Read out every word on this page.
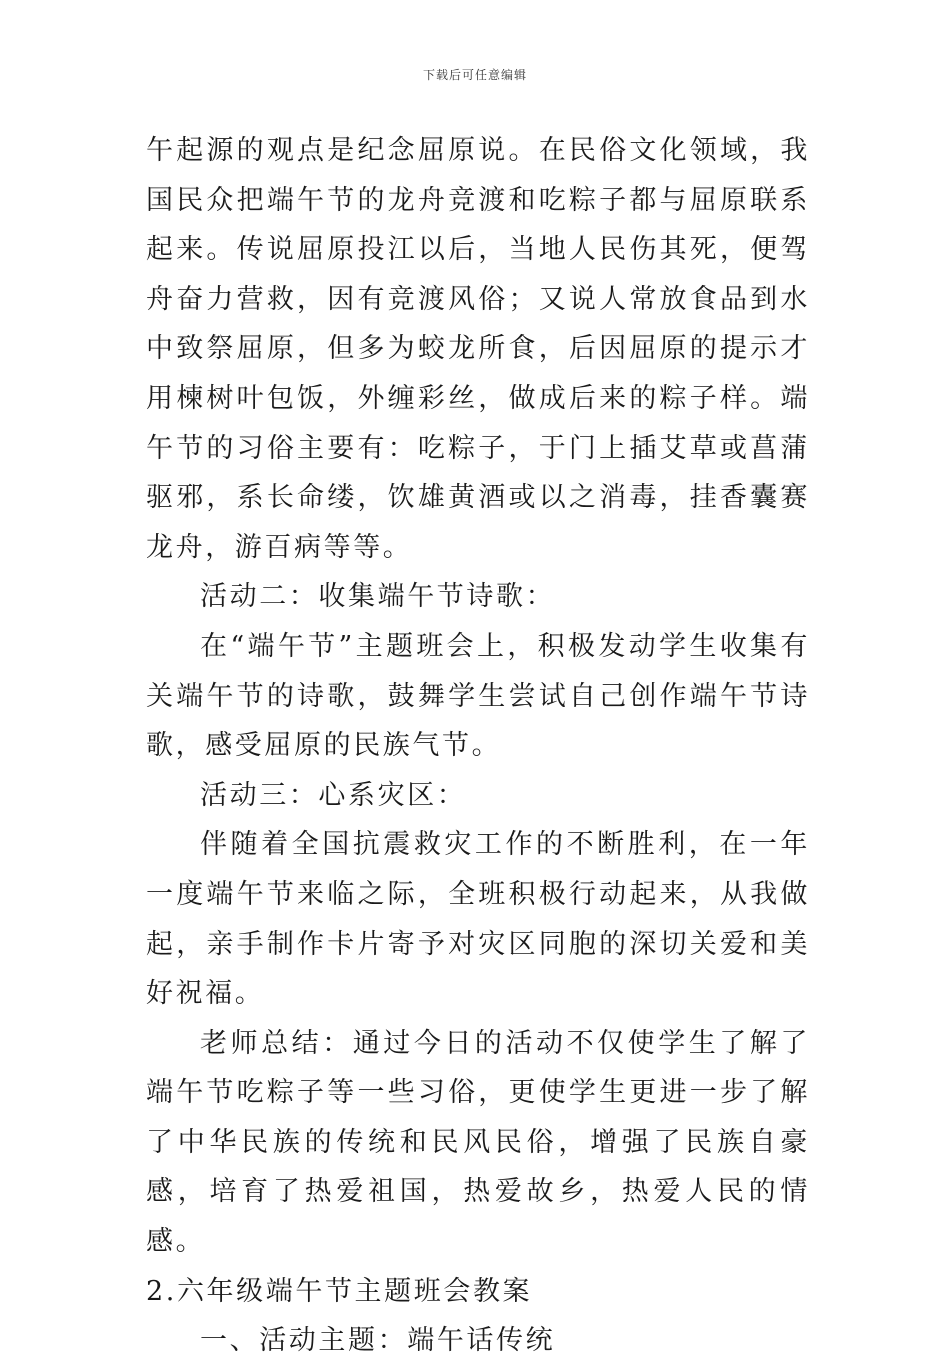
下载后可任意编辑

午起源的观点是纪念屈原说。在民俗文化领域，我国民众把端午节的龙舟竞渡和吃粽子都与屈原联系起来。传说屈原投江以后，当地人民伤其死，便驾舟奋力营救，因有竞渡风俗；又说人常放食品到水中致祭屈原，但多为蛟龙所食，后因屈原的提示才用楝树叶包饭，外缠彩丝，做成后来的粽子样。端午节的习俗主要有：吃粽子，于门上插艾草或菖蒲驱邪，系长命缕，饮雄黄酒或以之消毒，挂香囊赛龙舟，游百病等等。

活动二：收集端午节诗歌：

在“端午节”主题班会上，积极发动学生收集有关端午节的诗歌，鼓舞学生尝试自己创作端午节诗歌，感受屈原的民族气节。

活动三：心系灾区：

伴随着全国抗震救灾工作的不断胜利，在一年一度端午节来临之际，全班积极行动起来，从我做起，亲手制作卡片寄予对灾区同胞的深切关爱和美好祝福。

老师总结：通过今日的活动不仅使学生了解了端午节吃粽子等一些习俗，更使学生更进一步了解了中华民族的传统和民风民俗，增强了民族自豪感，培育了热爱祖国，热爱故乡，热爱人民的情感。

2.六年级端午节主题班会教案

一、活动主题：端午话传统
